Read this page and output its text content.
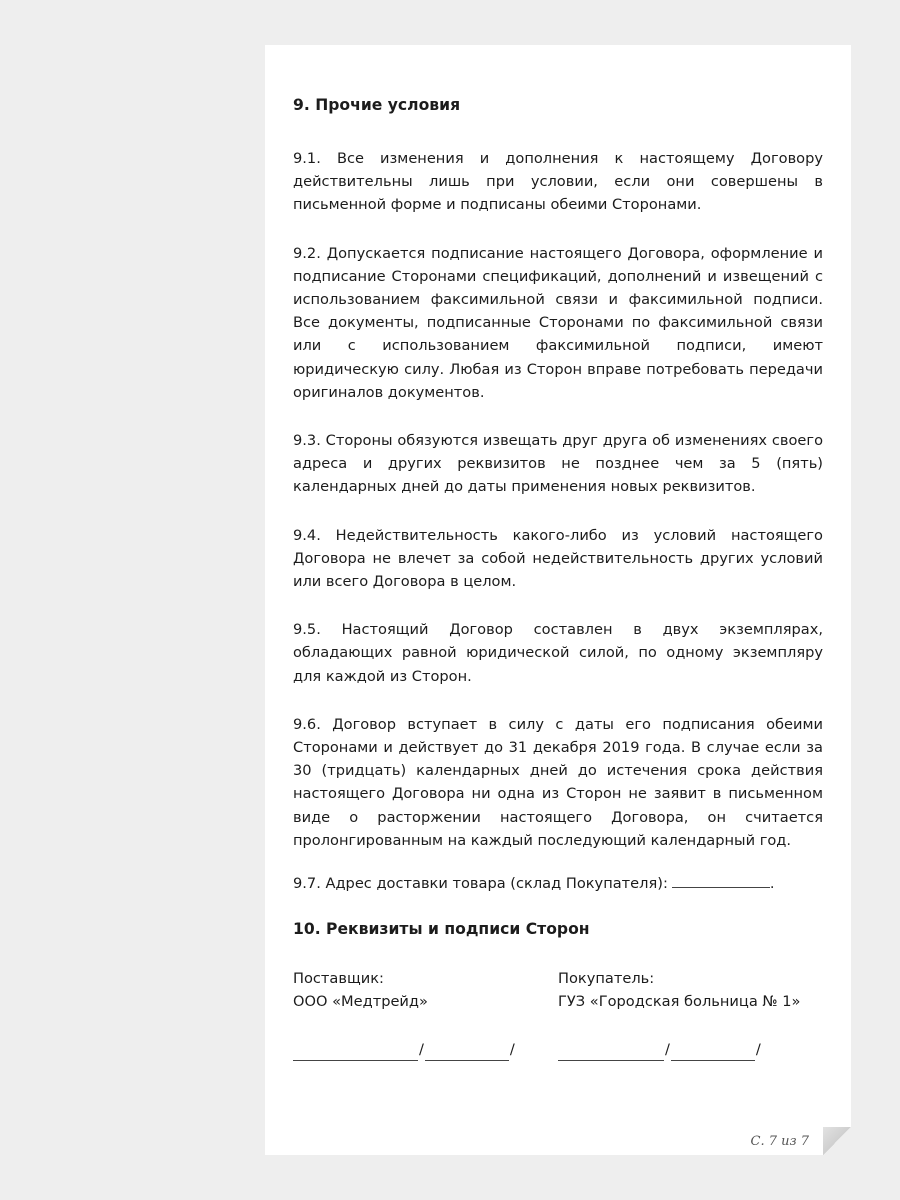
9. Прочие условия

9.1. Все изменения и дополнения к настоящему Договору действительны лишь при условии, если они совершены в письменной форме и подписаны обеими Сторонами.

9.2. Допускается подписание настоящего Договора, оформление и подписание Сторонами спецификаций, дополнений и извещений с использованием факсимильной связи и факсимильной подписи. Все документы, подписанные Сторонами по факсимильной связи или с использованием факсимильной подписи, имеют юридическую силу. Любая из Сторон вправе потребовать передачи оригиналов документов.

9.3. Стороны обязуются извещать друг друга об изменениях своего адреса и других реквизитов не позднее чем за 5 (пять) календарных дней до даты применения новых реквизитов.

9.4. Недействительность какого-либо из условий настоящего Договора не влечет за собой недействительность других условий или всего Договора в целом.

9.5. Настоящий Договор составлен в двух экземплярах, обладающих равной юридической силой, по одному экземпляру для каждой из Сторон.

9.6. Договор вступает в силу с даты его подписания обеими Сторонами и действует до 31 декабря 2019 года. В случае если за 30 (тридцать) календарных дней до истечения срока действия настоящего Договора ни одна из Сторон не заявит в письменном виде о расторжении настоящего Договора, он считается пролонгированным на каждый последующий календарный год.

9.7. Адрес доставки товара (склад Покупателя):	.
10. Реквизиты и подписи Сторон
Поставщик:
ООО «Медтрейд»
/	/
Покупатель:
ГУЗ «Городская больница № 1»
/	/
С. 7 из 7
